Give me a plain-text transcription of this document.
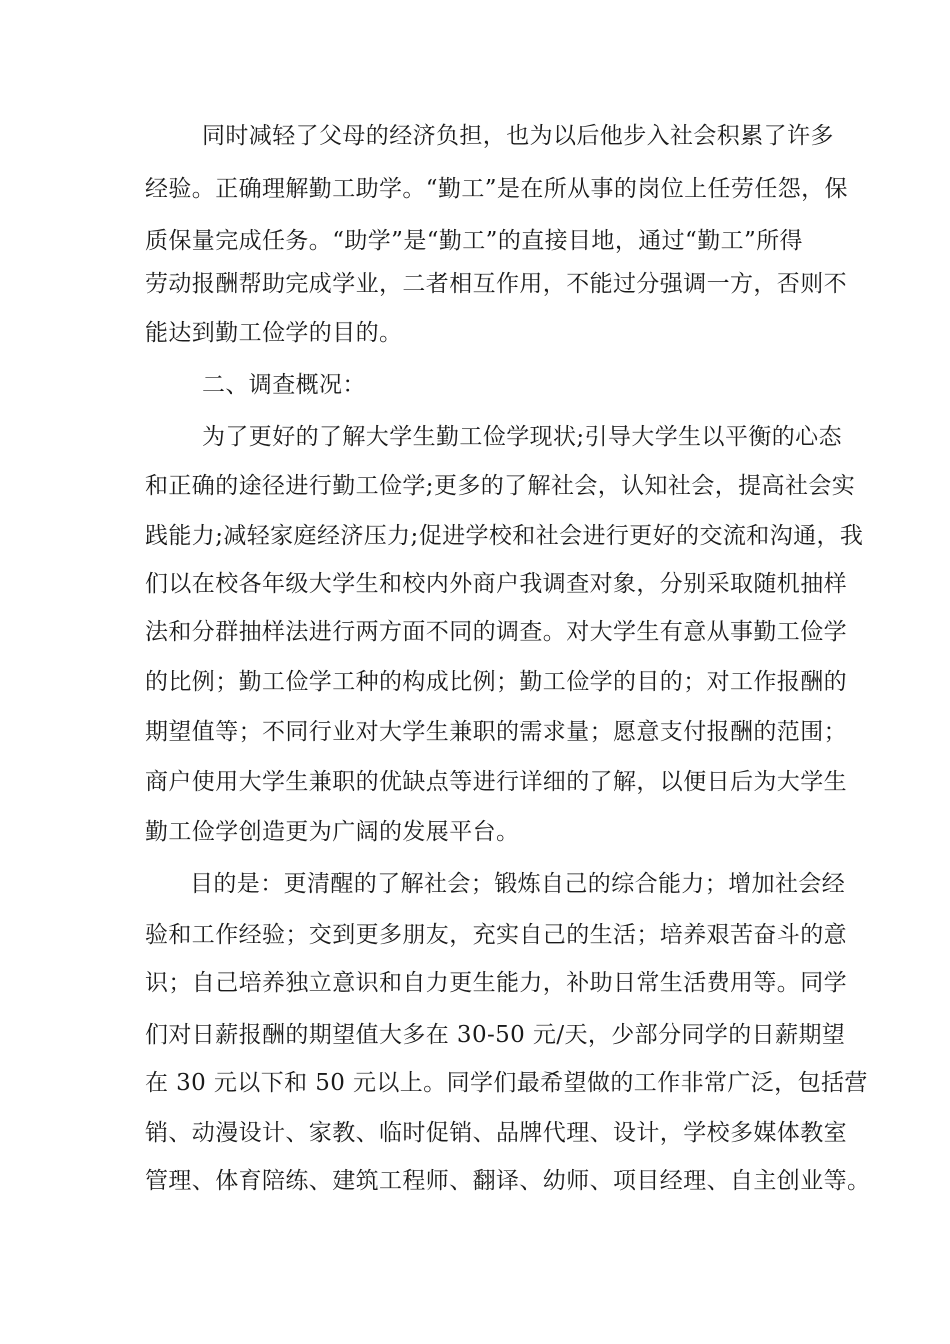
同时减轻了父母的经济负担，也为以后他步入社会积累了许多
经验。正确理解勤工助学。“勤工”是在所从事的岗位上任劳任怨，保
质保量完成任务。“助学”是“勤工”的直接目地，通过“勤工”所得
劳动报酬帮助完成学业，二者相互作用，不能过分强调一方，否则不
能达到勤工俭学的目的。
二、调查概况：
为了更好的了解大学生勤工俭学现状;引导大学生以平衡的心态
和正确的途径进行勤工俭学;更多的了解社会，认知社会，提高社会实
践能力;减轻家庭经济压力;促进学校和社会进行更好的交流和沟通，我
们以在校各年级大学生和校内外商户我调查对象，分别采取随机抽样
法和分群抽样法进行两方面不同的调查。对大学生有意从事勤工俭学
的比例；勤工俭学工种的构成比例；勤工俭学的目的；对工作报酬的
期望值等；不同行业对大学生兼职的需求量；愿意支付报酬的范围；
商户使用大学生兼职的优缺点等进行详细的了解，以便日后为大学生
勤工俭学创造更为广阔的发展平台。
目的是：更清醒的了解社会；锻炼自己的综合能力；增加社会经
验和工作经验；交到更多朋友，充实自己的生活；培养艰苦奋斗的意
识；自己培养独立意识和自力更生能力，补助日常生活费用等。同学
们对日薪报酬的期望值大多在 30-50 元/天，少部分同学的日薪期望
在 30 元以下和 50 元以上。同学们最希望做的工作非常广泛，包括营
销、动漫设计、家教、临时促销、品牌代理、设计，学校多媒体教室
管理、体育陪练、建筑工程师、翻译、幼师、项目经理、自主创业等。
